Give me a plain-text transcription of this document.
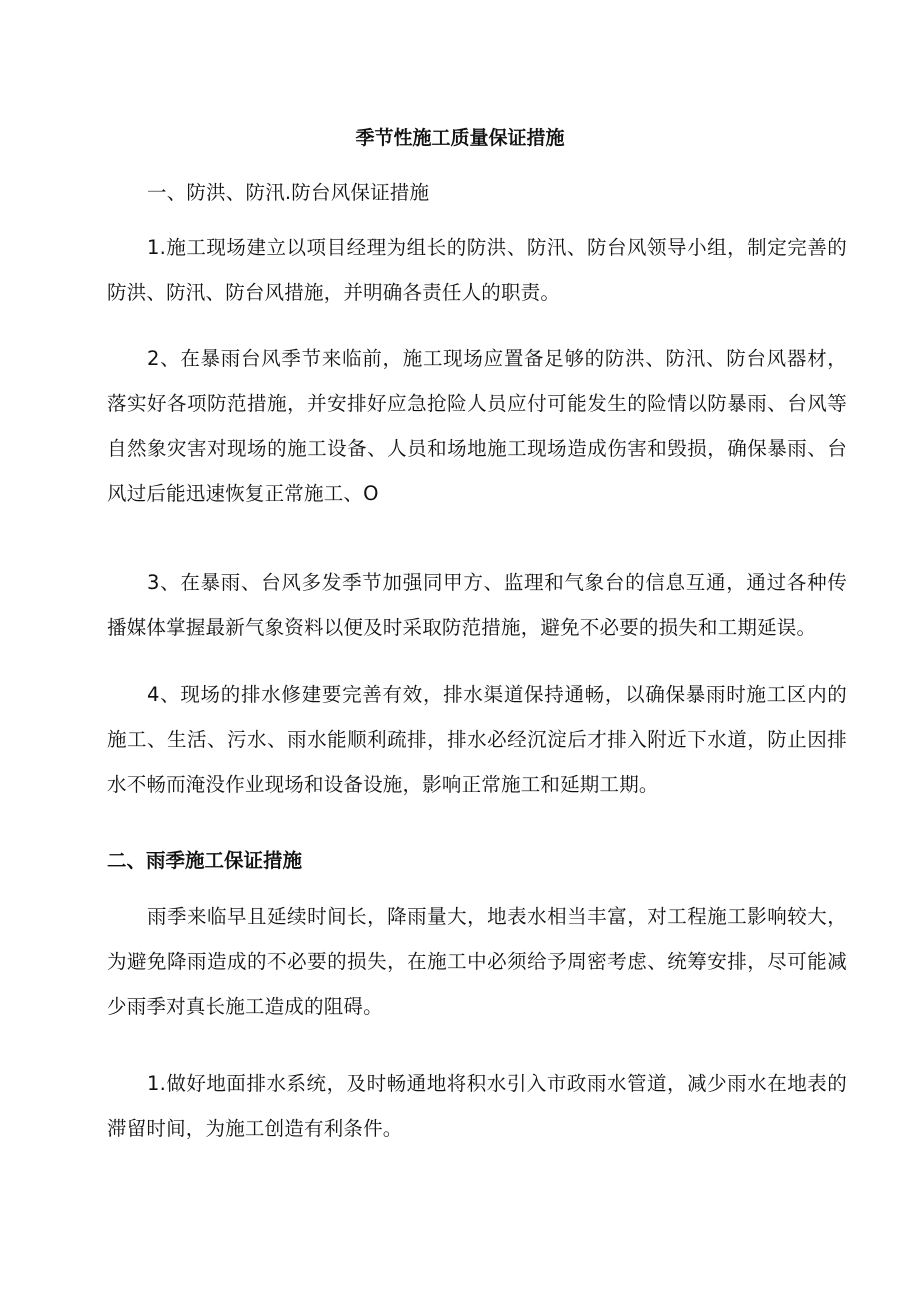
季节性施工质量保证措施

一、防洪、防汛.防台风保证措施

1.施工现场建立以项目经理为组长的防洪、防汛、防台风领导小组，制定完善的防洪、防汛、防台风措施，并明确各责任人的职责。

2、在暴雨台风季节来临前，施工现场应置备足够的防洪、防汛、防台风器材，落实好各项防范措施，并安排好应急抢险人员应付可能发生的险情以防暴雨、台风等自然象灾害对现场的施工设备、人员和场地施工现场造成伤害和毁损，确保暴雨、台风过后能迅速恢复正常施工、O

3、在暴雨、台风多发季节加强同甲方、监理和气象台的信息互通，通过各种传播媒体掌握最新气象资料以便及时采取防范措施，避免不必要的损失和工期延误。

4、现场的排水修建要完善有效，排水渠道保持通畅，以确保暴雨时施工区内的施工、生活、污水、雨水能顺利疏排，排水必经沉淀后才排入附近下水道，防止因排水不畅而淹没作业现场和设备设施，影响正常施工和延期工期。

二、雨季施工保证措施

雨季来临早且延续时间长，降雨量大，地表水相当丰富，对工程施工影响较大，为避免降雨造成的不必要的损失，在施工中必须给予周密考虑、统筹安排，尽可能减少雨季对真长施工造成的阻碍。

1.做好地面排水系统，及时畅通地将积水引入市政雨水管道，减少雨水在地表的滞留时间，为施工创造有利条件。
